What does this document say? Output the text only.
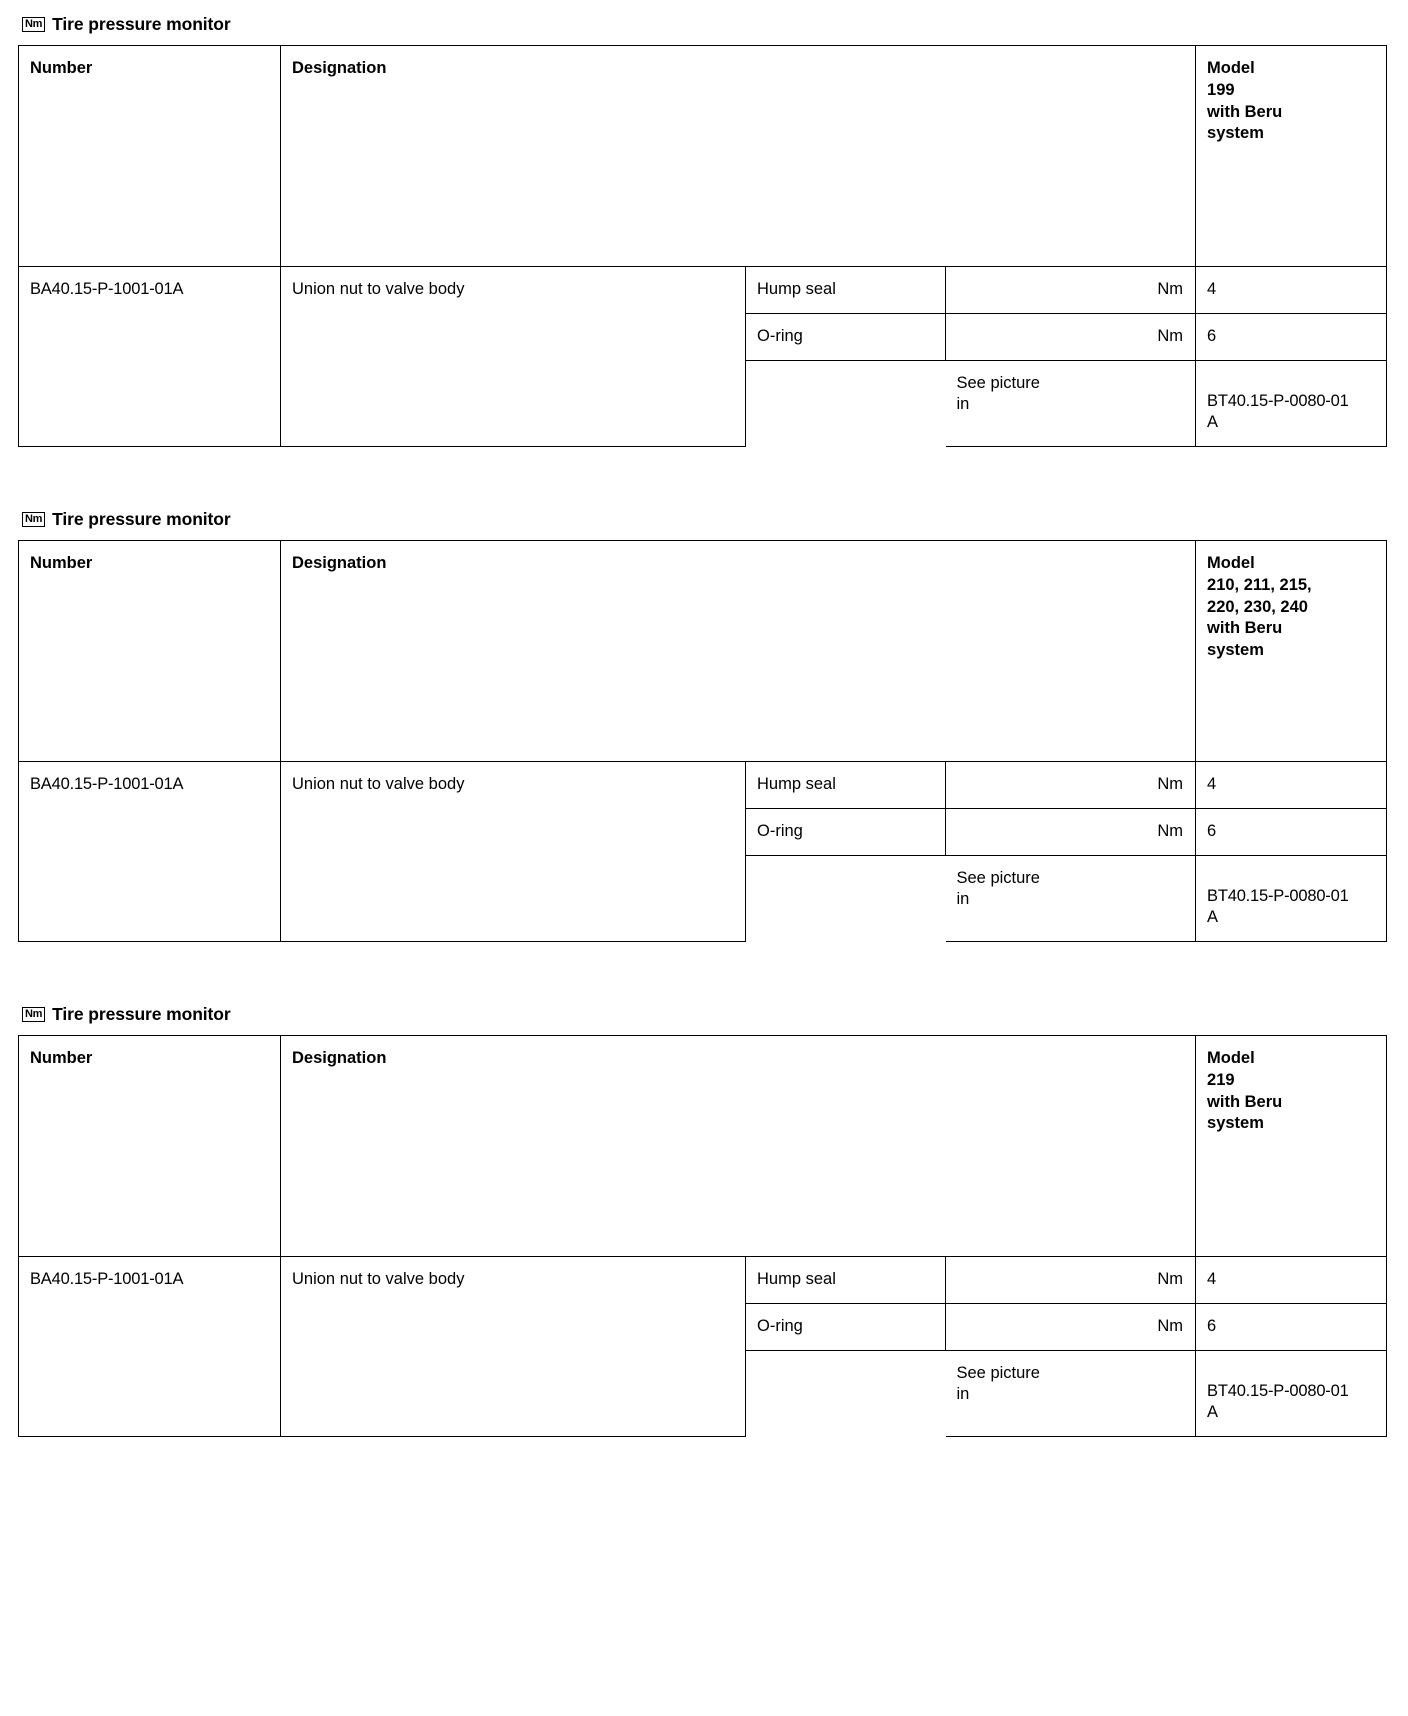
Nm Tire pressure monitor
Number	Designation			Model
199
with Beru
system

BA40.15-P-1001-01A	Union nut to valve body	Hump seal	Nm	4
		O-ring	Nm	6

See picture
in	BT40.15-P-0080-01
A
Nm Tire pressure monitor
Number	Designation			Model
210, 211, 215,
220, 230, 240
with Beru
system

BA40.15-P-1001-01A	Union nut to valve body	Hump seal	Nm	4
		O-ring	Nm	6

See picture
in	BT40.15-P-0080-01
A
Nm Tire pressure monitor
Number	Designation			Model
219
with Beru
system

BA40.15-P-1001-01A	Union nut to valve body	Hump seal	Nm	4
		O-ring	Nm	6

See picture
in	BT40.15-P-0080-01
A
